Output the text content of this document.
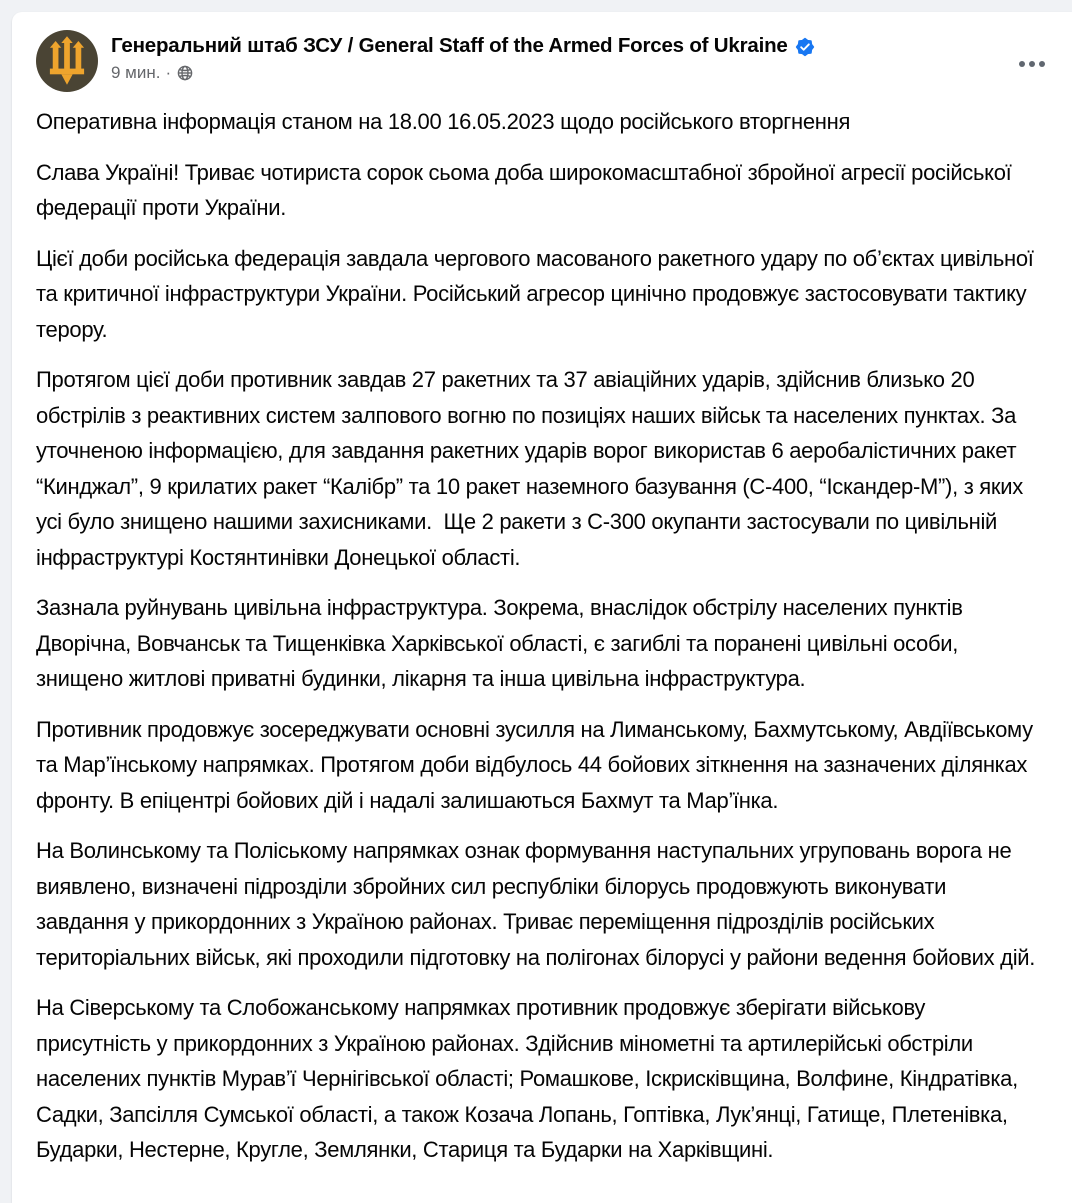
Генеральний штаб ЗСУ / General Staff of the Armed Forces of Ukraine
9 мин. ·

Оперативна інформація станом на 18.00 16.05.2023 щодо російського вторгнення

Слава Україні! Триває чотириста сорок сьома доба широкомасштабної збройної агресії російської федерації проти України.

Цієї доби російська федерація завдала чергового масованого ракетного удару по об’єктах цивільної та критичної інфраструктури України. Російський агресор цинічно продовжує застосовувати тактику терору.

Протягом цієї доби противник завдав 27 ракетних та 37 авіаційних ударів, здійснив близько 20 обстрілів з реактивних систем залпового вогню по позиціях наших військ та населених пунктах. За уточненою інформацією, для завдання ракетних ударів ворог використав 6 аеробалістичних ракет “Кинджал”, 9 крилатих ракет “Калібр” та 10 ракет наземного базування (С-400, “Іскандер-М”), з яких усі було знищено нашими захисниками.  Ще 2 ракети з С-300 окупанти застосували по цивільній інфраструктурі Костянтинівки Донецької області.

Зазнала руйнувань цивільна інфраструктура. Зокрема, внаслідок обстрілу населених пунктів Дворічна, Вовчанськ та Тищенківка Харківської області, є загиблі та поранені цивільні особи, знищено житлові приватні будинки, лікарня та інша цивільна інфраструктура.

Противник продовжує зосереджувати основні зусилля на Лиманському, Бахмутському, Авдіївському та Мар’їнському напрямках. Протягом доби відбулось 44 бойових зіткнення на зазначених ділянках фронту. В епіцентрі бойових дій і надалі залишаються Бахмут та Мар’їнка.

На Волинському та Поліському напрямках ознак формування наступальних угруповань ворога не виявлено, визначені підрозділи збройних сил республіки білорусь продовжують виконувати завдання у прикордонних з Україною районах. Триває переміщення підрозділів російських територіальних військ, які проходили підготовку на полігонах білорусі у райони ведення бойових дій.

На Сіверському та Слобожанському напрямках противник продовжує зберігати військову присутність у прикордонних з Україною районах. Здійснив мінометні та артилерійські обстріли населених пунктів Мурав’ї Чернігівської області; Ромашкове, Іскрисківщина, Волфине, Кіндратівка, Садки, Запсілля Сумської області, а також Козача Лопань, Гоптівка, Лук’янці, Гатище, Плетенівка, Бударки, Нестерне, Кругле, Землянки, Стариця та Бударки на Харківщині.
